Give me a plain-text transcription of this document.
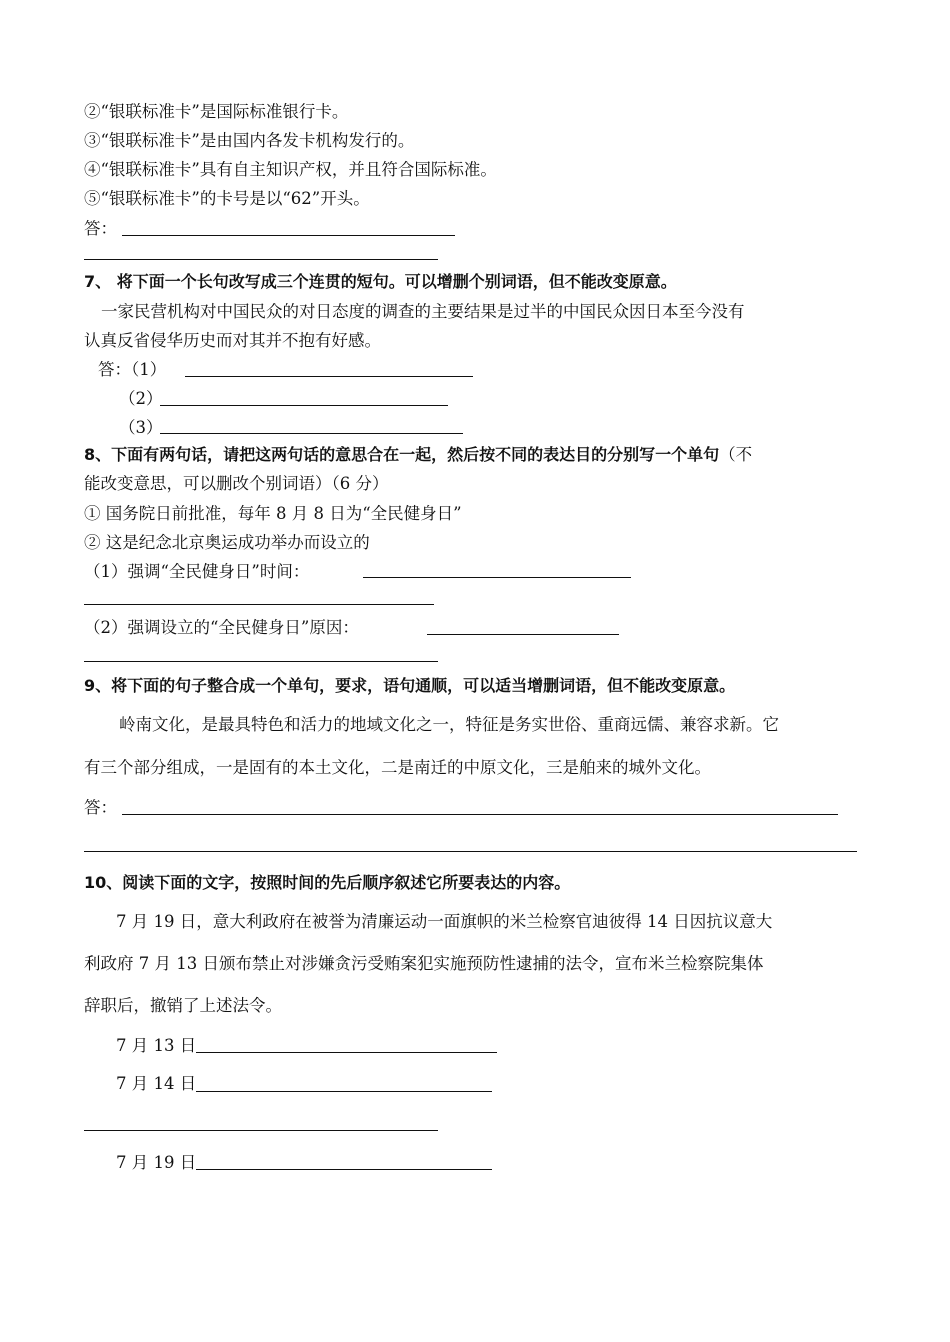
②“银联标准卡”是国际标准银行卡。
③“银联标准卡”是由国内各发卡机构发行的。
④“银联标准卡”具有自主知识产权，并且符合国际标准。
⑤“银联标准卡”的卡号是以“62”开头。
答：
7、 将下面一个长句改写成三个连贯的短句。可以增删个别词语，但不能改变原意。
一家民营机构对中国民众的对日态度的调查的主要结果是过半的中国民众因日本至今没有
认真反省侵华历史而对其并不抱有好感。
答：（1）
（2）
（3）
8、下面有两句话，请把这两句话的意思合在一起，然后按不同的表达目的分别写一个单句（不
能改变意思，可以删改个别词语）（6 分）
① 国务院日前批准，每年 8 月 8 日为“全民健身日”
② 这是纪念北京奥运成功举办而设立的
（1）强调“全民健身日”时间：
（2）强调设立的“全民健身日”原因：
9、将下面的句子整合成一个单句，要求，语句通顺，可以适当增删词语，但不能改变原意。
岭南文化，是最具特色和活力的地域文化之一，特征是务实世俗、重商远儒、兼容求新。它
有三个部分组成，一是固有的本土文化，二是南迁的中原文化，三是舶来的城外文化。
答：
10、阅读下面的文字，按照时间的先后顺序叙述它所要表达的内容。
7 月 19 日，意大利政府在被誉为清廉运动一面旗帜的米兰检察官迪彼得 14 日因抗议意大
利政府 7 月 13 日颁布禁止对涉嫌贪污受贿案犯实施预防性逮捕的法令，宣布米兰检察院集体
辞职后，撤销了上述法令。
7 月 13 日
7 月 14 日
7 月 19 日
